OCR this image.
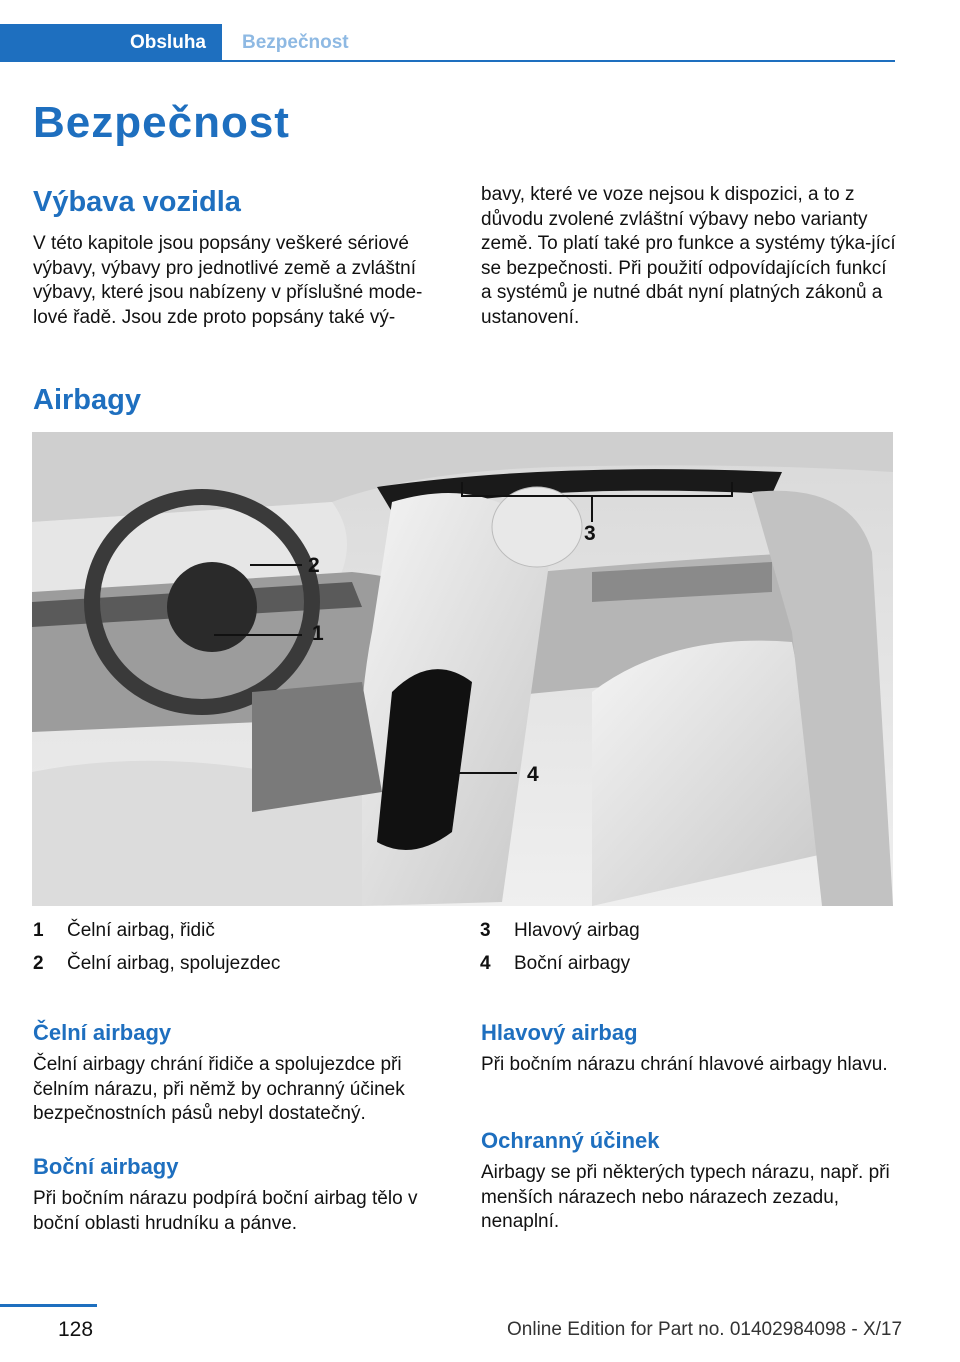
Obsluha	Bezpečnost
Bezpečnost
Výbava vozidla

V této kapitole jsou popsány veškeré sériové výbavy, výbavy pro jednotlivé země a zvláštní výbavy, které jsou nabízeny v příslušné mode-lové řadě. Jsou zde proto popsány také vý-

bavy, které ve voze nejsou k dispozici, a to z důvodu zvolené zvláštní výbavy nebo varianty země. To platí také pro funkce a systémy týka-jící se bezpečnosti. Při použití odpovídajících funkcí a systémů je nutné dbát nyní platných zákonů a ustanovení.

Airbagy
1
2
3
4
1 Čelní airbag, řidič
2 Čelní airbag, spolujezdec
3 Hlavový airbag
4 Boční airbagy
Čelní airbagy

Čelní airbagy chrání řidiče a spolujezdce při čelním nárazu, při němž by ochranný účinek bezpečnostních pásů nebyl dostatečný.

Boční airbagy

Při bočním nárazu podpírá boční airbag tělo v boční oblasti hrudníku a pánve.

Hlavový airbag

Při bočním nárazu chrání hlavové airbagy hlavu.

Ochranný účinek

Airbagy se při některých typech nárazu, např. při menších nárazech nebo nárazech zezadu, nenaplní.

128	Online Edition for Part no. 01402984098 - X/17
